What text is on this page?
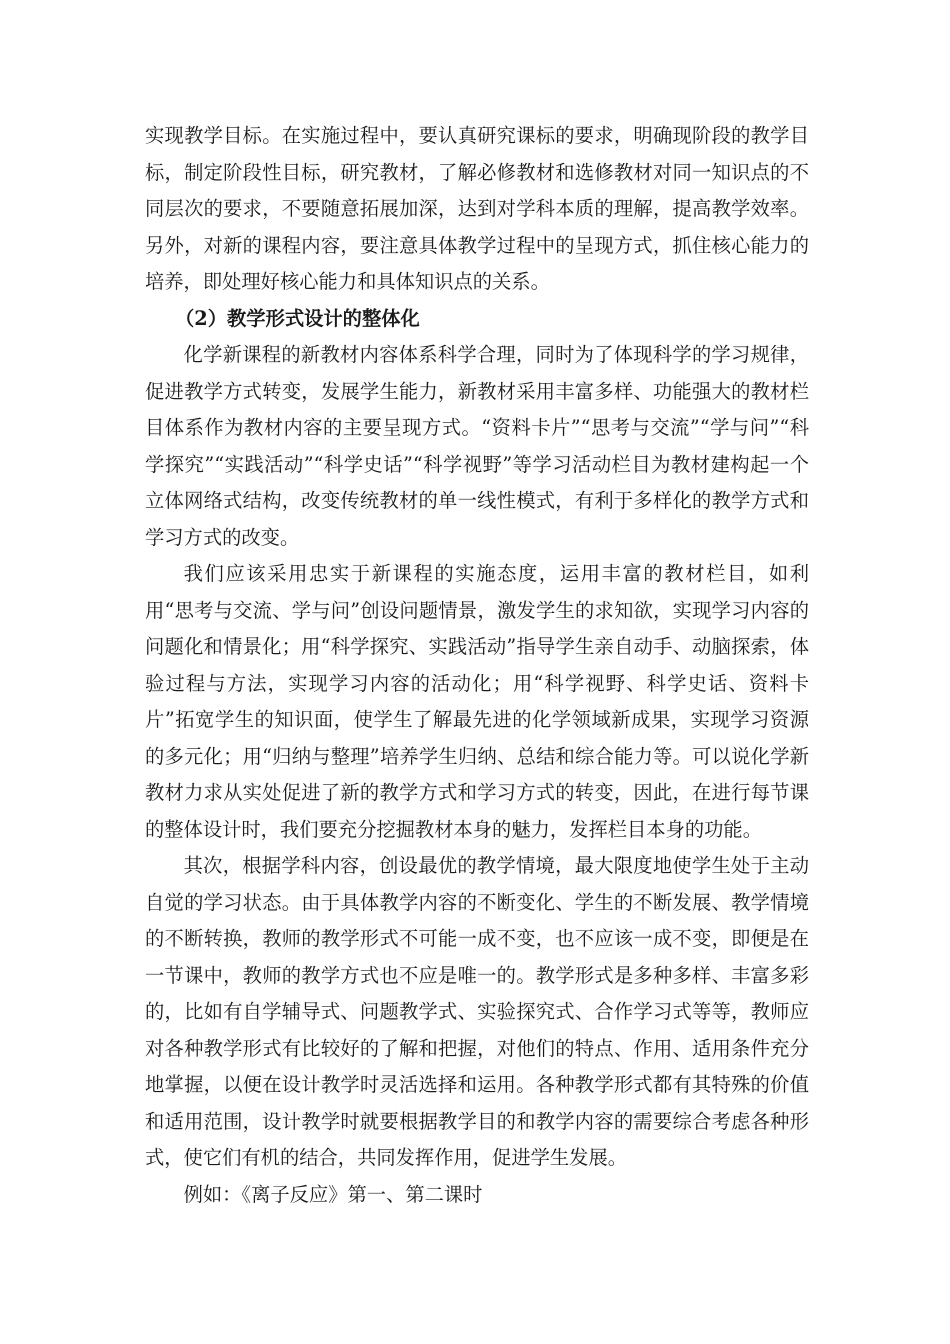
实现教学目标。在实施过程中，要认真研究课标的要求，明确现阶段的教学目标，制定阶段性目标，研究教材，了解必修教材和选修教材对同一知识点的不同层次的要求，不要随意拓展加深，达到对学科本质的理解，提高教学效率。另外，对新的课程内容，要注意具体教学过程中的呈现方式，抓住核心能力的培养，即处理好核心能力和具体知识点的关系。

（2）教学形式设计的整体化

化学新课程的新教材内容体系科学合理，同时为了体现科学的学习规律，促进教学方式转变，发展学生能力，新教材采用丰富多样、功能强大的教材栏目体系作为教材内容的主要呈现方式。“资料卡片”“思考与交流”“学与问”“科学探究”“实践活动”“科学史话”“科学视野”等学习活动栏目为教材建构起一个立体网络式结构，改变传统教材的单一线性模式，有利于多样化的教学方式和学习方式的改变。

我们应该采用忠实于新课程的实施态度，运用丰富的教材栏目，如利用“思考与交流、学与问”创设问题情景，激发学生的求知欲，实现学习内容的问题化和情景化；用“科学探究、实践活动”指导学生亲自动手、动脑探索，体验过程与方法，实现学习内容的活动化；用“科学视野、科学史话、资料卡片”拓宽学生的知识面，使学生了解最先进的化学领域新成果，实现学习资源的多元化；用“归纳与整理”培养学生归纳、总结和综合能力等。可以说化学新教材力求从实处促进了新的教学方式和学习方式的转变，因此，在进行每节课的整体设计时，我们要充分挖掘教材本身的魅力，发挥栏目本身的功能。

其次，根据学科内容，创设最优的教学情境，最大限度地使学生处于主动自觉的学习状态。由于具体教学内容的不断变化、学生的不断发展、教学情境的不断转换，教师的教学形式不可能一成不变，也不应该一成不变，即便是在一节课中，教师的教学方式也不应是唯一的。教学形式是多种多样、丰富多彩的，比如有自学辅导式、问题教学式、实验探究式、合作学习式等等，教师应对各种教学形式有比较好的了解和把握，对他们的特点、作用、适用条件充分地掌握，以便在设计教学时灵活选择和运用。各种教学形式都有其特殊的价值和适用范围，设计教学时就要根据教学目的和教学内容的需要综合考虑各种形式，使它们有机的结合，共同发挥作用，促进学生发展。

例如：《离子反应》第一、第二课时
